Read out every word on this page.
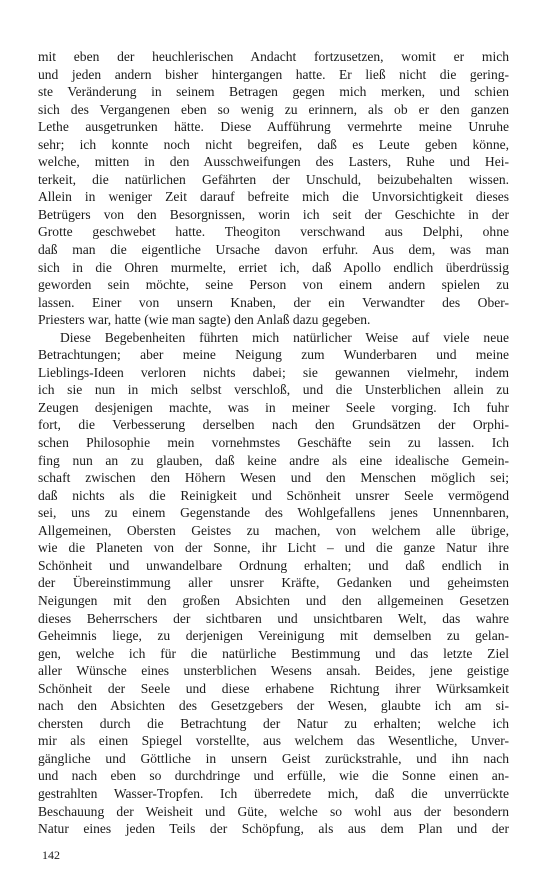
mit eben der heuchlerischen Andacht fortzusetzen, womit er mich
und jeden andern bisher hintergangen hatte. Er ließ nicht die gering-
ste Veränderung in seinem Betragen gegen mich merken, und schien
sich des Vergangenen eben so wenig zu erinnern, als ob er den ganzen
Lethe ausgetrunken hätte. Diese Aufführung vermehrte meine Unruhe
sehr; ich konnte noch nicht begreifen, daß es Leute geben könne,
welche, mitten in den Ausschweifungen des Lasters, Ruhe und Hei-
terkeit, die natürlichen Gefährten der Unschuld, beizubehalten wissen.
Allein in weniger Zeit darauf befreite mich die Unvorsichtigkeit dieses
Betrügers von den Besorgnissen, worin ich seit der Geschichte in der
Grotte geschwebet hatte. Theogiton verschwand aus Delphi, ohne
daß man die eigentliche Ursache davon erfuhr. Aus dem, was man
sich in die Ohren murmelte, erriet ich, daß Apollo endlich überdrüssig
geworden sein möchte, seine Person von einem andern spielen zu
lassen. Einer von unsern Knaben, der ein Verwandter des Ober-
Priesters war, hatte (wie man sagte) den Anlaß dazu gegeben.

Diese Begebenheiten führten mich natürlicher Weise auf viele neue
Betrachtungen; aber meine Neigung zum Wunderbaren und meine
Lieblings-Ideen verloren nichts dabei; sie gewannen vielmehr, indem
ich sie nun in mich selbst verschloß, und die Unsterblichen allein zu
Zeugen desjenigen machte, was in meiner Seele vorging. Ich fuhr
fort, die Verbesserung derselben nach den Grundsätzen der Orphi-
schen Philosophie mein vornehmstes Geschäfte sein zu lassen. Ich
fing nun an zu glauben, daß keine andre als eine idealische Gemein-
schaft zwischen den Höhern Wesen und den Menschen möglich sei;
daß nichts als die Reinigkeit und Schönheit unsrer Seele vermögend
sei, uns zu einem Gegenstande des Wohlgefallens jenes Unnennbaren,
Allgemeinen, Obersten Geistes zu machen, von welchem alle übrige,
wie die Planeten von der Sonne, ihr Licht – und die ganze Natur ihre
Schönheit und unwandelbare Ordnung erhalten; und daß endlich in
der Übereinstimmung aller unsrer Kräfte, Gedanken und geheimsten
Neigungen mit den großen Absichten und den allgemeinen Gesetzen
dieses Beherrschers der sichtbaren und unsichtbaren Welt, das wahre
Geheimnis liege, zu derjenigen Vereinigung mit demselben zu gelan-
gen, welche ich für die natürliche Bestimmung und das letzte Ziel
aller Wünsche eines unsterblichen Wesens ansah. Beides, jene geistige
Schönheit der Seele und diese erhabene Richtung ihrer Würksamkeit
nach den Absichten des Gesetzgebers der Wesen, glaubte ich am si-
chersten durch die Betrachtung der Natur zu erhalten; welche ich
mir als einen Spiegel vorstellte, aus welchem das Wesentliche, Unver-
gängliche und Göttliche in unsern Geist zurückstrahle, und ihn nach
und nach eben so durchdringe und erfülle, wie die Sonne einen an-
gestrahlten Wasser-Tropfen. Ich überredete mich, daß die unverrückte
Beschauung der Weisheit und Güte, welche so wohl aus der besondern
Natur eines jeden Teils der Schöpfung, als aus dem Plan und der

142
